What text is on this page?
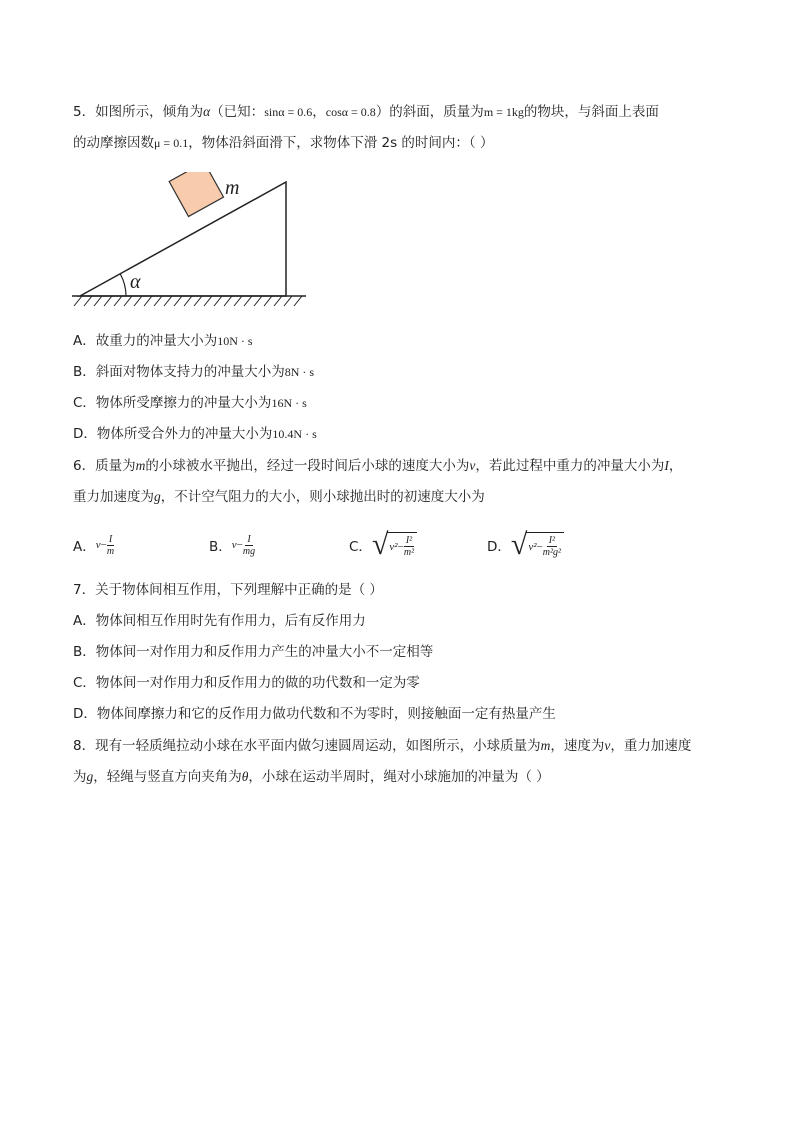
5．如图所示，倾角为α（已知：sinα = 0.6，cosα = 0.8）的斜面，质量为m = 1kg的物块，与斜面上表面
的动摩擦因数μ = 0.1，物体沿斜面滑下，求物体下滑 2s 的时间内：（ ）
m
α
A．故重力的冲量大小为10N · s
B．斜面对物体支持力的冲量大小为8N · s
C．物体所受摩擦力的冲量大小为16N · s
D．物体所受合外力的冲量大小为10.4N · s
6．质量为m的小球被水平抛出，经过一段时间后小球的速度大小为v，若此过程中重力的冲量大小为I，
重力加速度为g，不计空气阻力的大小，则小球抛出时的初速度大小为
A． $v - \frac{I}{m}$	B． $v - \frac{I}{mg}$	C． √ $v^2 - \frac{\text{I²}}{\text{m²}}$	D． √ $v^2 - \frac{\text{I²}}{\text{m²g²}}$
7．关于物体间相互作用，下列理解中正确的是（ ）
A．物体间相互作用时先有作用力，后有反作用力
B．物体间一对作用力和反作用力产生的冲量大小不一定相等
C．物体间一对作用力和反作用力的做的功代数和一定为零
D．物体间摩擦力和它的反作用力做功代数和不为零时，则接触面一定有热量产生
8．现有一轻质绳拉动小球在水平面内做匀速圆周运动，如图所示，小球质量为m，速度为v，重力加速度
为g，轻绳与竖直方向夹角为θ，小球在运动半周时，绳对小球施加的冲量为（ ）
